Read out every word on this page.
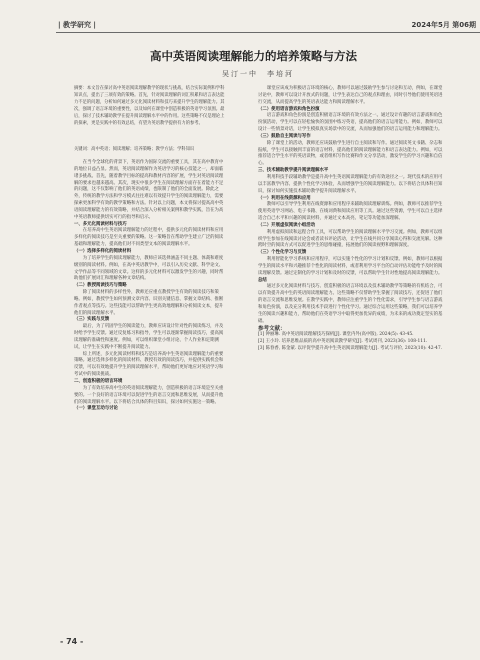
| 教学研究 |	2024年5月 第06期
高中英语阅读理解能力的培养策略与方法
吴汀一中　李培河
摘要：本文旨在探讨高中英语阅读理解教学的现状与挑战，结合实际案例和学科知识点，提出了三项有效的策略。首先，针对阅读理解的词汇积累和语言表达能力不足的问题，分析如何通过多元化阅读材料和技巧来提升学生的理解能力。其次，强调了语言环境的重要性，以及如何在课堂中创造积极的英语学习氛围。最后，探讨了技术辅助教学在提升阅读理解水平中的作用。这些策略不仅是理论上的探索，更是实践中的有效总结，有望为英语教学提供有力的参考。
关键词：高中英语；阅读理解；培养策略；教学方法；学科知识

在当今全球化的背景下，英语作为国际交流的重要工具，其在高中教育中的地位日益凸显。然而，英语阅读理解作为英语学习的核心技能之一，却面临诸多挑战。首先，随着教学目标的提高和教材内容的扩展，学生对英语阅读理解的要求也越来越高。其次，现实中很多学生在阅读理解方面存在着能力不足的问题，这不仅影响了他们的英语成绩，也限制了他们的全面发展。除此之外，传统的教学方法和学习模式往往难以有效提升学生的阅读理解能力，需要探索更加科学有效的教学策略和方法。针对以上问题，本文将探讨提高高中英语阅读理解能力的有效策略，并结合深入分析相关案例和教学实践，旨在为高中英语教师提供切实可行的指导和启示。

一、多元化阅读材料与技巧

在培养高中生英语阅读理解能力的过程中，提供多元化的阅读材料和应用多样化的阅读技巧是至关重要的策略。这一策略旨在帮助学生建立广泛的阅读基础和理解能力，提高他们对不同类型文本的阅读理解水平。

（一）选择多样化的阅读材料

为了培养学生的阅读理解能力，教师应该选择涵盖不同主题、体裁和难度级别的阅读材料。例如，在高中英语教学中，可以引入历史文献、科学论文、文学作品等不同领域的文章。这样的多元化材料可以激发学生的兴趣，同时帮助他们扩展词汇和理解各种文章结构。

（二）教授阅读技巧与策略

除了阅读材料的多样性外，教师还应重点教授学生有效的阅读技巧和策略。例如，教授学生如何预测文章内容、识别关键信息、掌握文章结构、推断作者观点等技巧。这些技能可以帮助学生更高效地理解和分析阅读文本，提升他们的阅读理解水平。

（三）实践与反馈

最后，为了巩固学生的阅读能力，教师应该设计针对性的阅读练习，并及时给予学生反馈。通过反复练习和指导，学生可以逐渐掌握阅读技巧，提高阅读理解的准确性和速度。例如，可以组织课堂小组讨论、个人作业和定期测试，让学生在实践中不断提升阅读能力。

综上所述，多元化阅读材料和技巧是培养高中生英语阅读理解能力的重要策略。通过选择多样化的阅读材料、教授有效的阅读技巧，并提供实践机会和反馈，可以有效地提升学生的阅读理解水平，帮助他们更好地应对英语学习和考试中的阅读挑战。

二、创造积极的语言环境

为了有效培养高中生的英语阅读理解能力，创造积极的语言环境是至关重要的。一个良好的语言环境可以促进学生的语言交流和思维发展，从而提升他们的阅读理解水平。以下将结合具体的科目知识，探讨如何实施这一策略。

（一）课堂互动与讨论

课堂应该成为积极语言环境的核心，教师可以通过鼓励学生参与讨论和互动，例如，在课堂讨论中，教师可以设计开放式的问题，让学生表达自己的观点和理由，同时引导他们使用英语进行交流，从而提高学生的英语表达能力和阅读理解水平。

（二）使用语言游戏和角色扮演

语言游戏和角色扮演是创造积极语言环境的有效方法之一。通过设计有趣的语言游戏和角色扮演活动，学生可以在轻松愉快的氛围中练习英语，提高他们的语言运用能力。例如，教师可以设计一些情景对话，让学生模拟真实场景中的交流，从而加强他们的语言运用能力和理解能力。

（三）鼓励自主阅读与写作

除了课堂上的活动，教师还应该鼓励学生进行自主阅读和写作。通过阅读英文书籍、杂志和报纸，学生可以接触到丰富的语言材料，提高他们的阅读理解能力和语言表达能力。例如，可以推荐适合学生水平的英语读物，或者组织写作比赛和作文分享活动，激发学生的学习兴趣和自信心。

三、技术辅助教学提升阅读理解水平

利用科技手段辅助教学是提升高中生英语阅读理解能力的有效途径之一。现代技术的应用可以丰富教学内容、提供个性化学习体验，从而增强学生的阅读理解能力。以下将结合具体科目知识，探讨如何实施技术辅助教学提升阅读理解水平。

（一）利用在线资源和应用

教师可以引导学生利用在线资源和应用程序来辅助阅读理解训练。例如，教师可以推荐学生使用英语学习网站、电子书籍、在线词典和阅读应用等工具。通过这些资源，学生可以自主选择适合自己水平和兴趣的阅读材料，并通过文本高亮、笔记等功能加深理解。

（二）开展虚拟阅读小组活动

利用虚拟阅读和远程合作工具，可以帮助学生的阅读理解水平学习交流。例如，教师可以组织学生参加在线阅读讨论会或者读书评论活动，让学生在线共同分享阅读心得和交流见解。这种跨时空的阅读方式可以促进学生的思维碰撞，拓展他们的阅读视野和理解深度。

（三）个性化学习与反馈

利用智能化学习系统和应用程序，可以实施个性化的学习计划和反馈。例如，教师可以根据学生的阅读水平和兴趣推荐个性化的阅读材料，或者利用学习平台的自动评估功能给予及时的阅读理解反馈。通过定制化的学习计划和及时的反馈，可以帮助学生针对性地提高阅读理解能力。

总结

通过多元化阅读材料与技巧、创造积极的语言环境以及技术辅助教学等策略的有机结合，可以有效提升高中生的英语阅读理解能力。这些策略不仅帮助学生掌握了阅读技巧，还促进了他们的语言交流和思维发展。在教学实践中，教师应注重学生的个性化需求，引导学生参与语言游戏和角色扮演，以及充分利用技术手段进行个性化学习。通过综合运用这些策略，我们可以培养学生的阅读兴趣和能力，帮助他们在英语学习中取得更加优异的成绩，为未来的成功奠定坚实的基础。

参考文献：

[1] 钟丽琳. 高中英语阅读理解技巧探析[J]. 课堂内外(高中版), 2024(5): 43-45.

[2] 王小玲. 培养思维品质的高中英语阅读教学研究[J]. 考试周刊, 2023(36): 108-111.

[3] 陈春香, 陈金蒙. 以评促学提升高中生英语阅读理解能力[J]. 考试与评价, 2023(10): 42-47.

- 74 -
